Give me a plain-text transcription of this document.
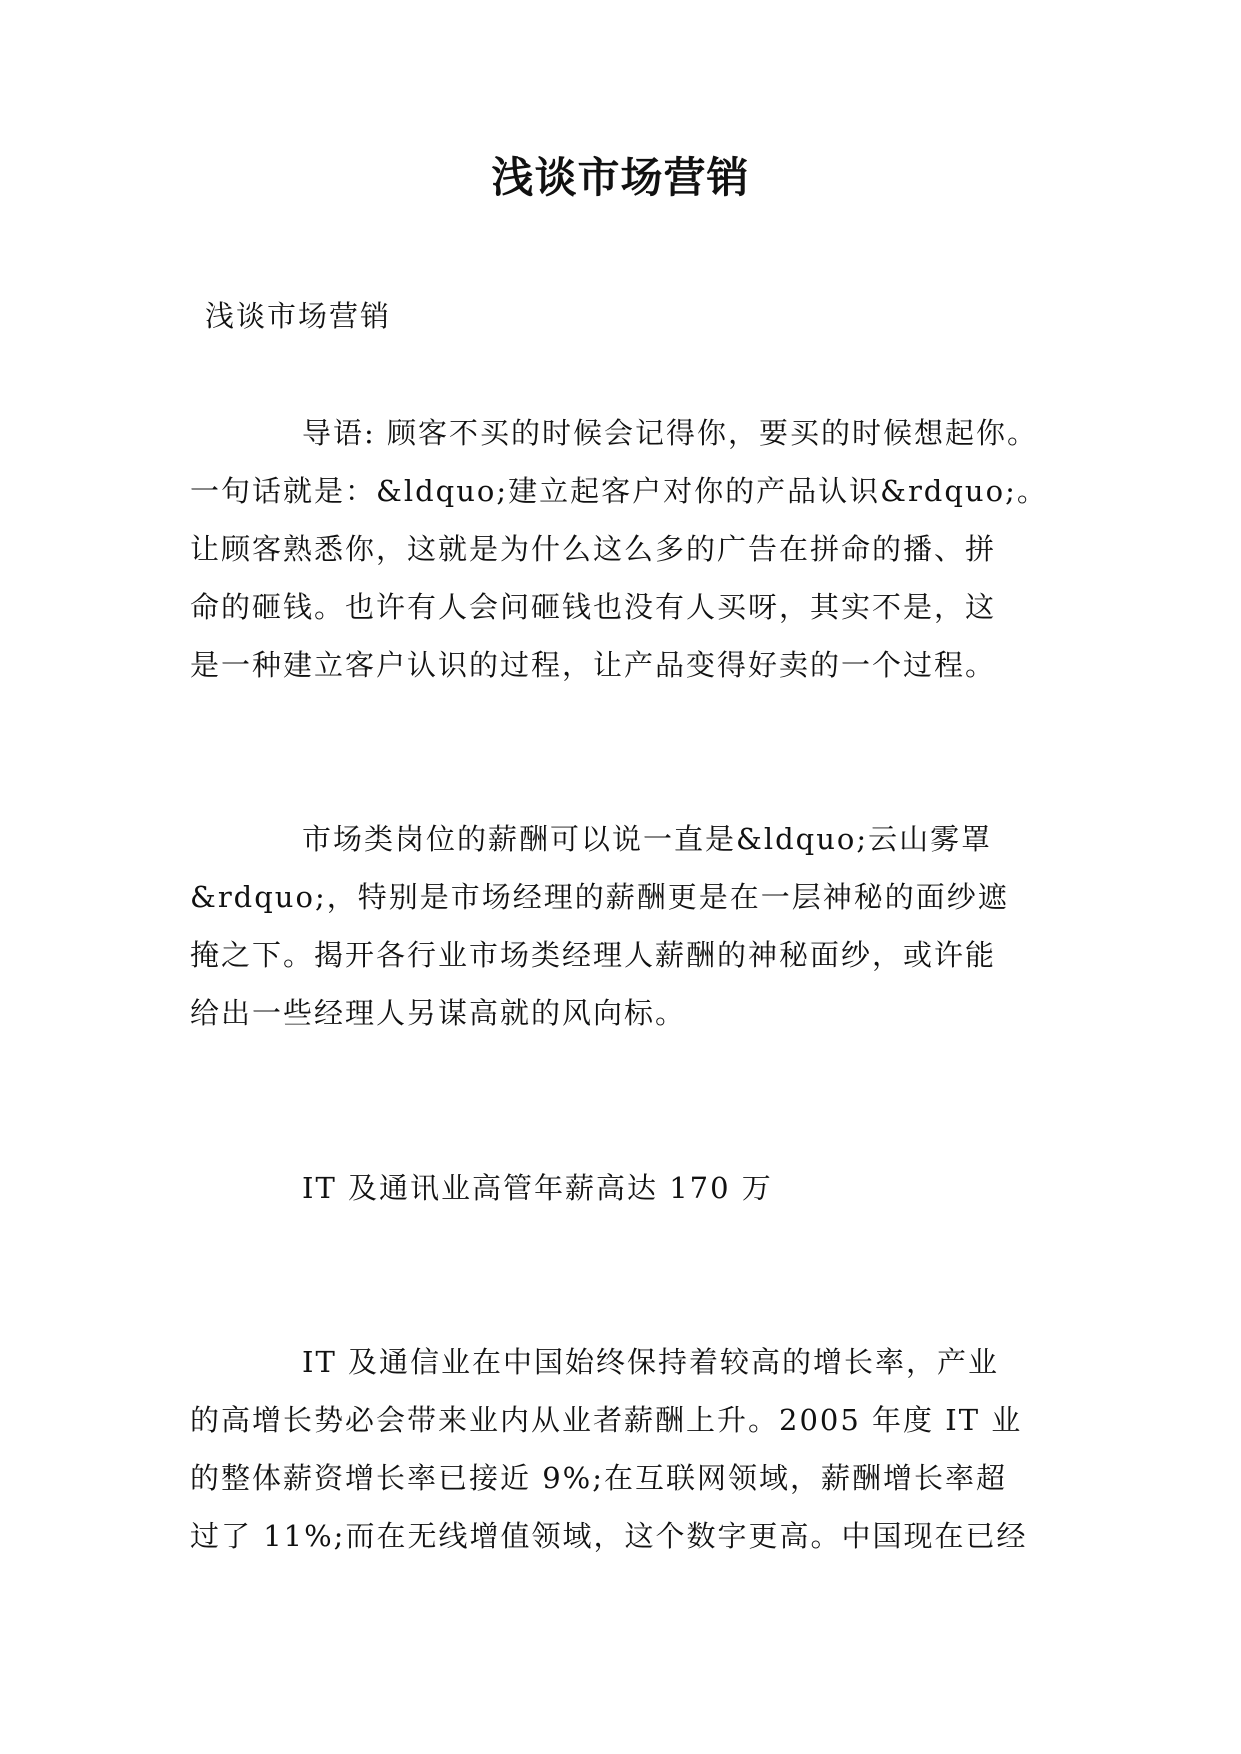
浅谈市场营销

浅谈市场营销

导语: 顾客不买的时候会记得你，要买的时候想起你。
一句话就是：&ldquo;建立起客户对你的产品认识&rdquo;。
让顾客熟悉你，这就是为什么这么多的广告在拼命的播、拼
命的砸钱。也许有人会问砸钱也没有人买呀，其实不是，这
是一种建立客户认识的过程，让产品变得好卖的一个过程。
市场类岗位的薪酬可以说一直是&ldquo;云山雾罩
&rdquo;，特别是市场经理的薪酬更是在一层神秘的面纱遮
掩之下。揭开各行业市场类经理人薪酬的神秘面纱，或许能
给出一些经理人另谋高就的风向标。
IT 及通讯业高管年薪高达 170 万
IT 及通信业在中国始终保持着较高的增长率，产业
的高增长势必会带来业内从业者薪酬上升。2005 年度 IT 业
的整体薪资增长率已接近 9%;在互联网领域，薪酬增长率超
过了 11%;而在无线增值领域，这个数字更高。中国现在已经
